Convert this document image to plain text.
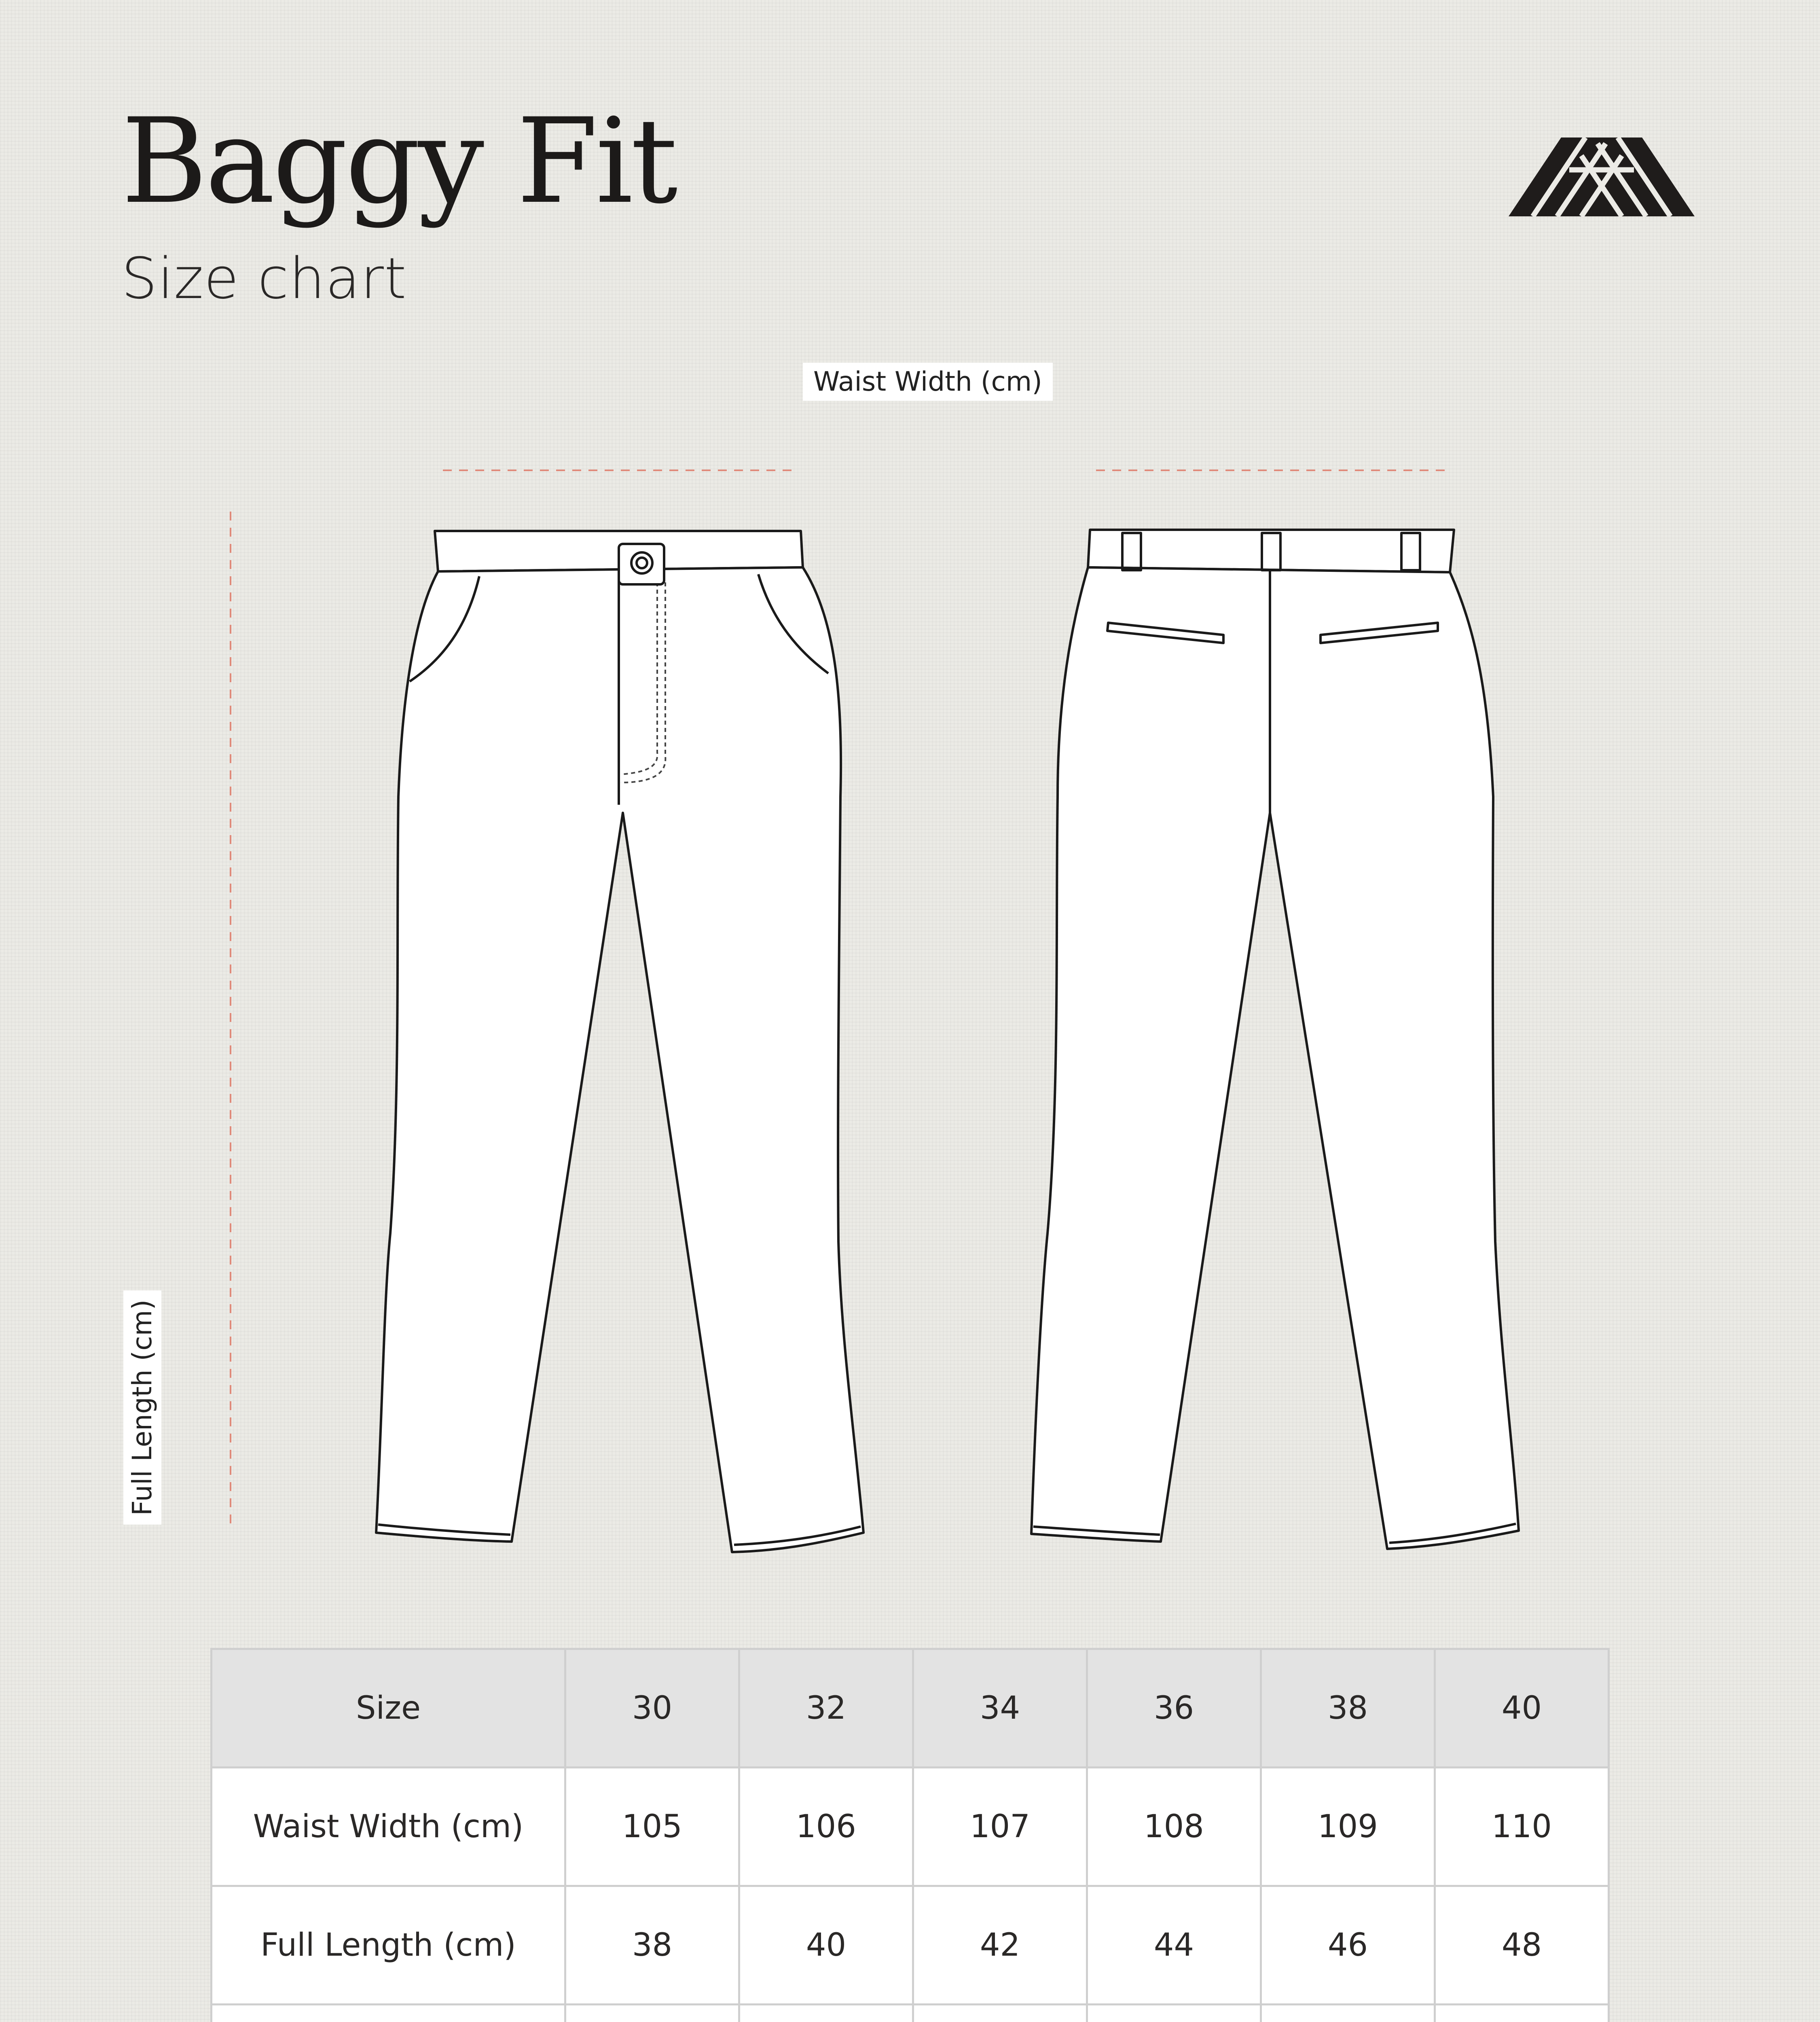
Baggy Fit
Size chart
Waist Width (cm)
Full Length (cm)
Size	30	32	34	36	38	40
Waist Width (cm)	105	106	107	108	109	110
Full Length (cm)	38	40	42	44	46	48
